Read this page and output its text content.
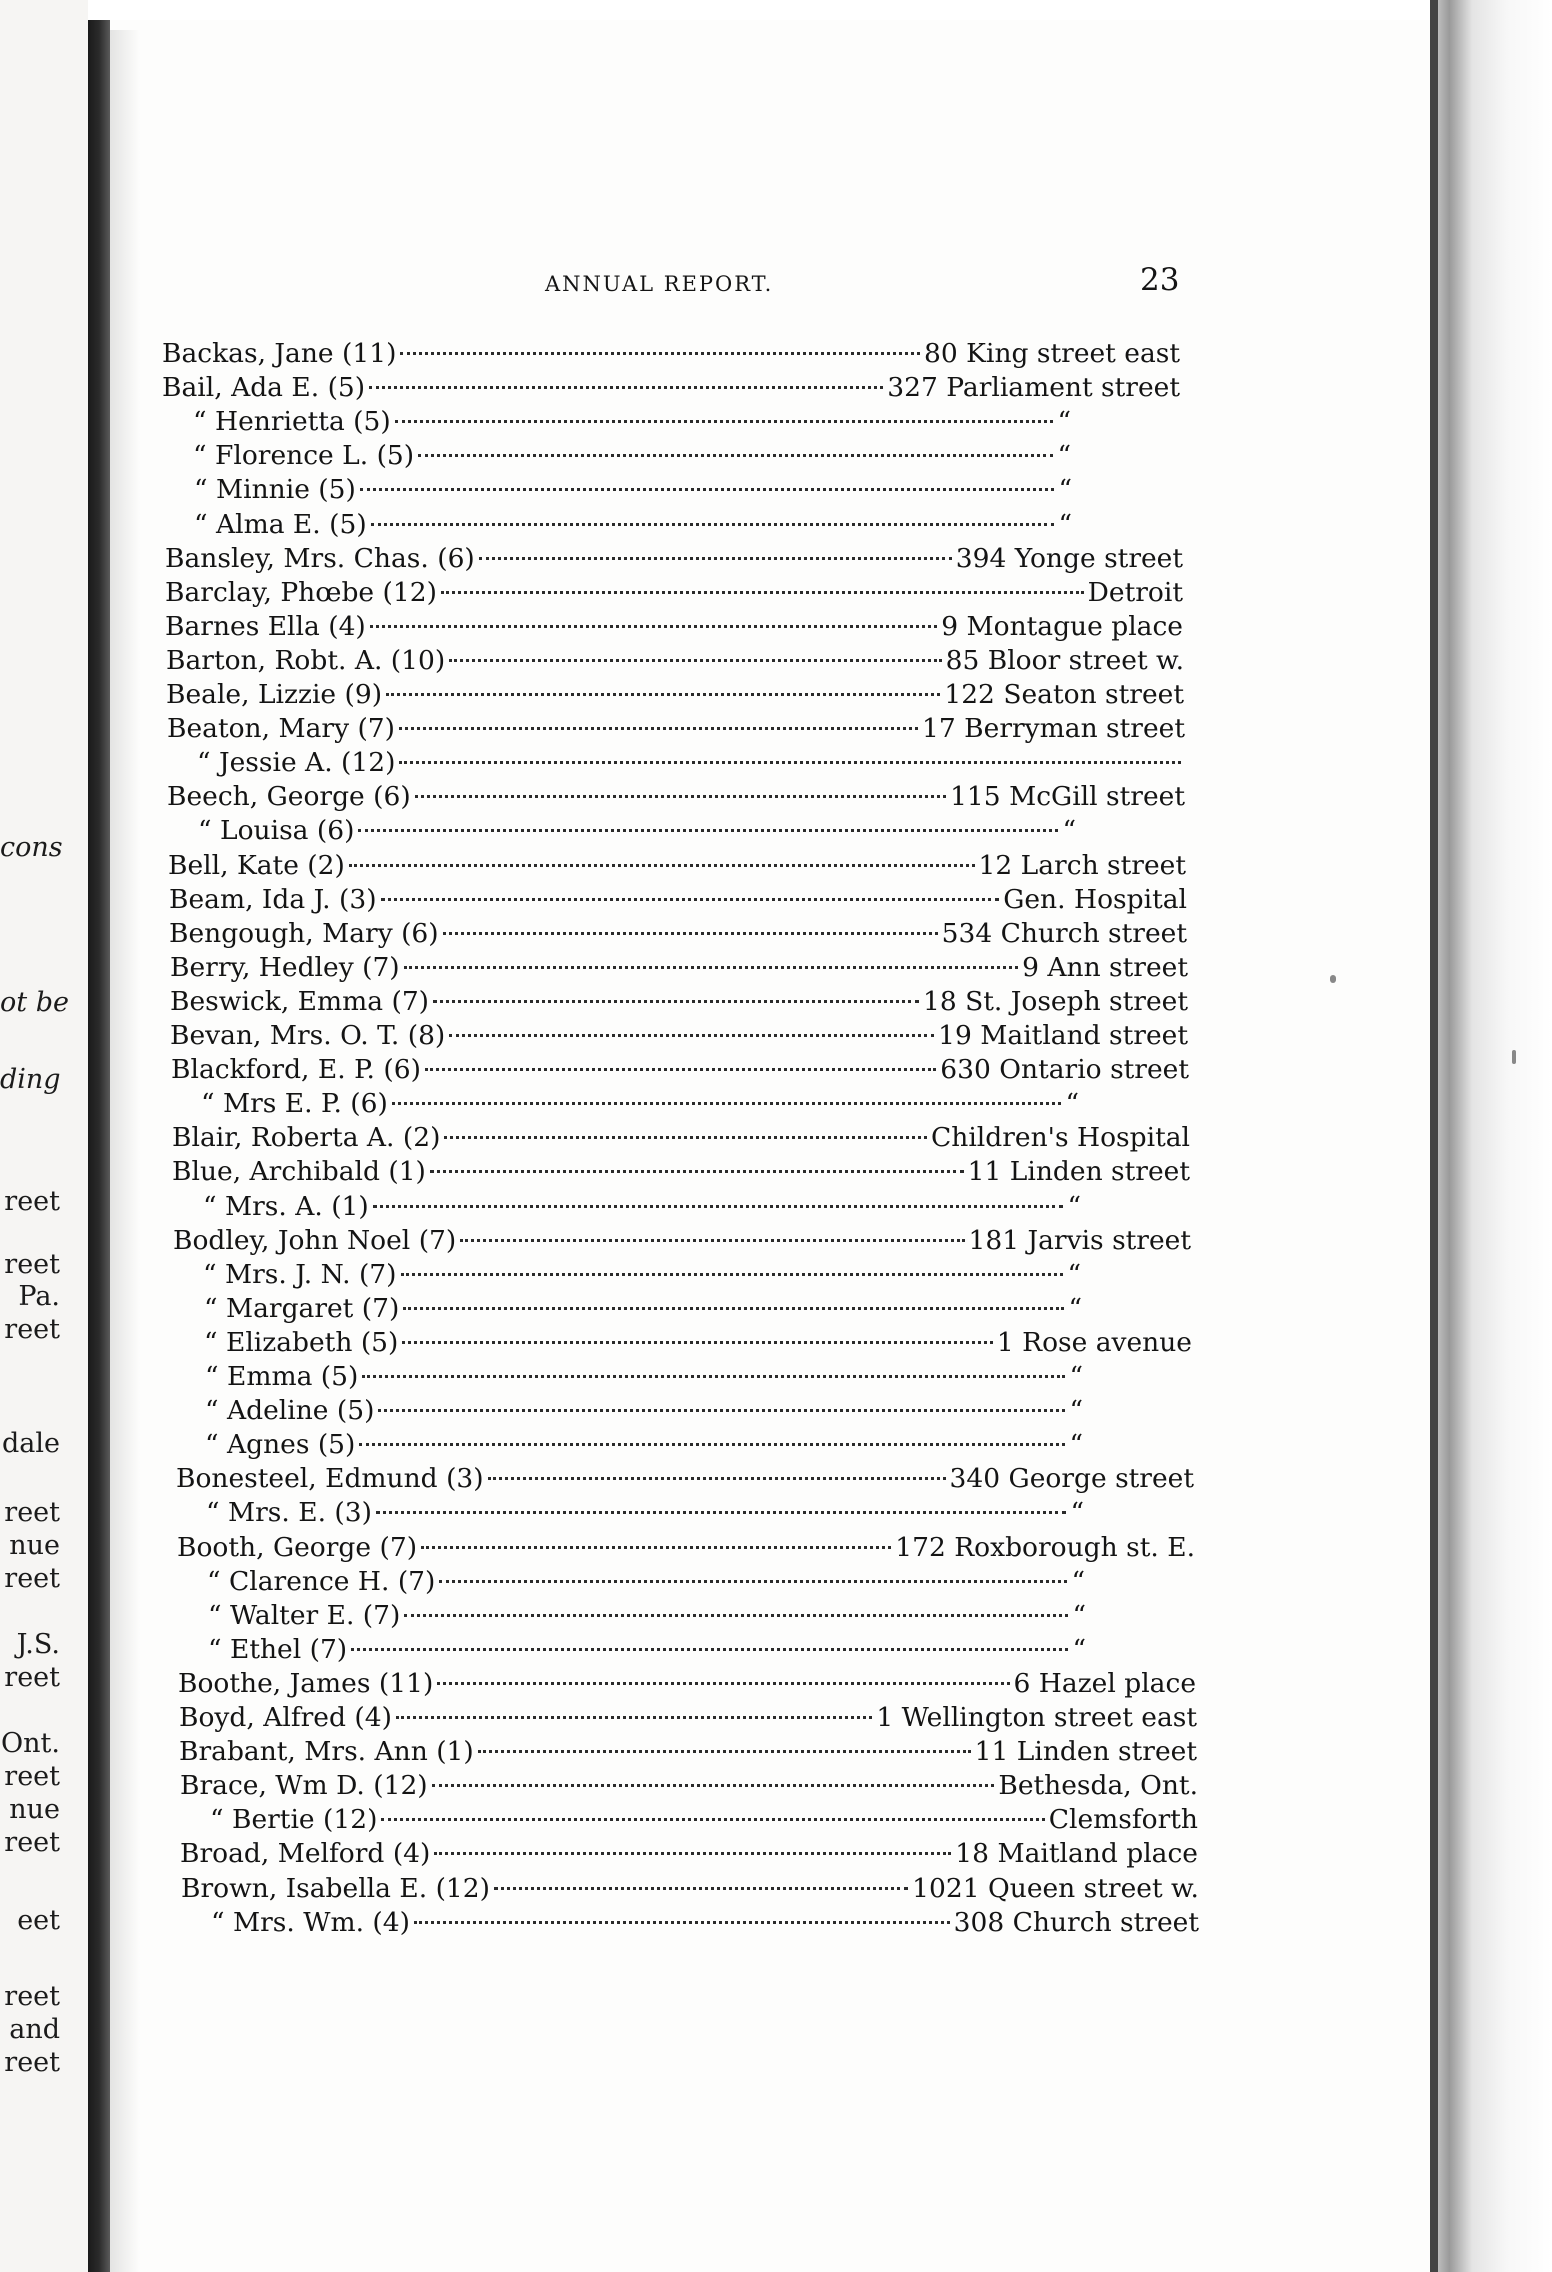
cons
ot be
ding
reet
reet
Pa.
reet
dale
reet
nue
reet
J.S.
reet
Ont.
reet
nue
reet
eet
reet
and
reet
ANNUAL REPORT.	23
Backas, Jane (11)	80 King street east
Bail, Ada E. (5)	327 Parliament street
“ Henrietta (5)	“
“ Florence L. (5)	“
“ Minnie (5)	“
“ Alma E. (5)	“
Bansley, Mrs. Chas. (6)	394 Yonge street
Barclay, Phœbe (12)	Detroit
Barnes Ella (4)	9 Montague place
Barton, Robt. A. (10)	85 Bloor street w.
Beale, Lizzie (9)	122 Seaton street
Beaton, Mary (7)	17 Berryman street
“ Jessie A. (12)
Beech, George (6)	115 McGill street
“ Louisa (6)	“
Bell, Kate (2)	12 Larch street
Beam, Ida J. (3)	Gen. Hospital
Bengough, Mary (6)	534 Church street
Berry, Hedley (7)	9 Ann street
Beswick, Emma (7)	18 St. Joseph street
Bevan, Mrs. O. T. (8)	19 Maitland street
Blackford, E. P. (6)	630 Ontario street
“ Mrs E. P. (6)	“
Blair, Roberta A. (2)	Children's Hospital
Blue, Archibald (1)	11 Linden street
“ Mrs. A. (1)	“
Bodley, John Noel (7)	181 Jarvis street
“ Mrs. J. N. (7)	“
“ Margaret (7)	“
“ Elizabeth (5)	1 Rose avenue
“ Emma (5)	“
“ Adeline (5)	“
“ Agnes (5)	“
Bonesteel, Edmund (3)	340 George street
“ Mrs. E. (3)	“
Booth, George (7)	172 Roxborough st. E.
“ Clarence H. (7)	“
“ Walter E. (7)	“
“ Ethel (7)	“
Boothe, James (11)	6 Hazel place
Boyd, Alfred (4)	1 Wellington street east
Brabant, Mrs. Ann (1)	11 Linden street
Brace, Wm D. (12)	Bethesda, Ont.
“ Bertie (12)	Clemsforth
Broad, Melford (4)	18 Maitland place
Brown, Isabella E. (12)	1021 Queen street w.
“ Mrs. Wm. (4)	308 Church street
